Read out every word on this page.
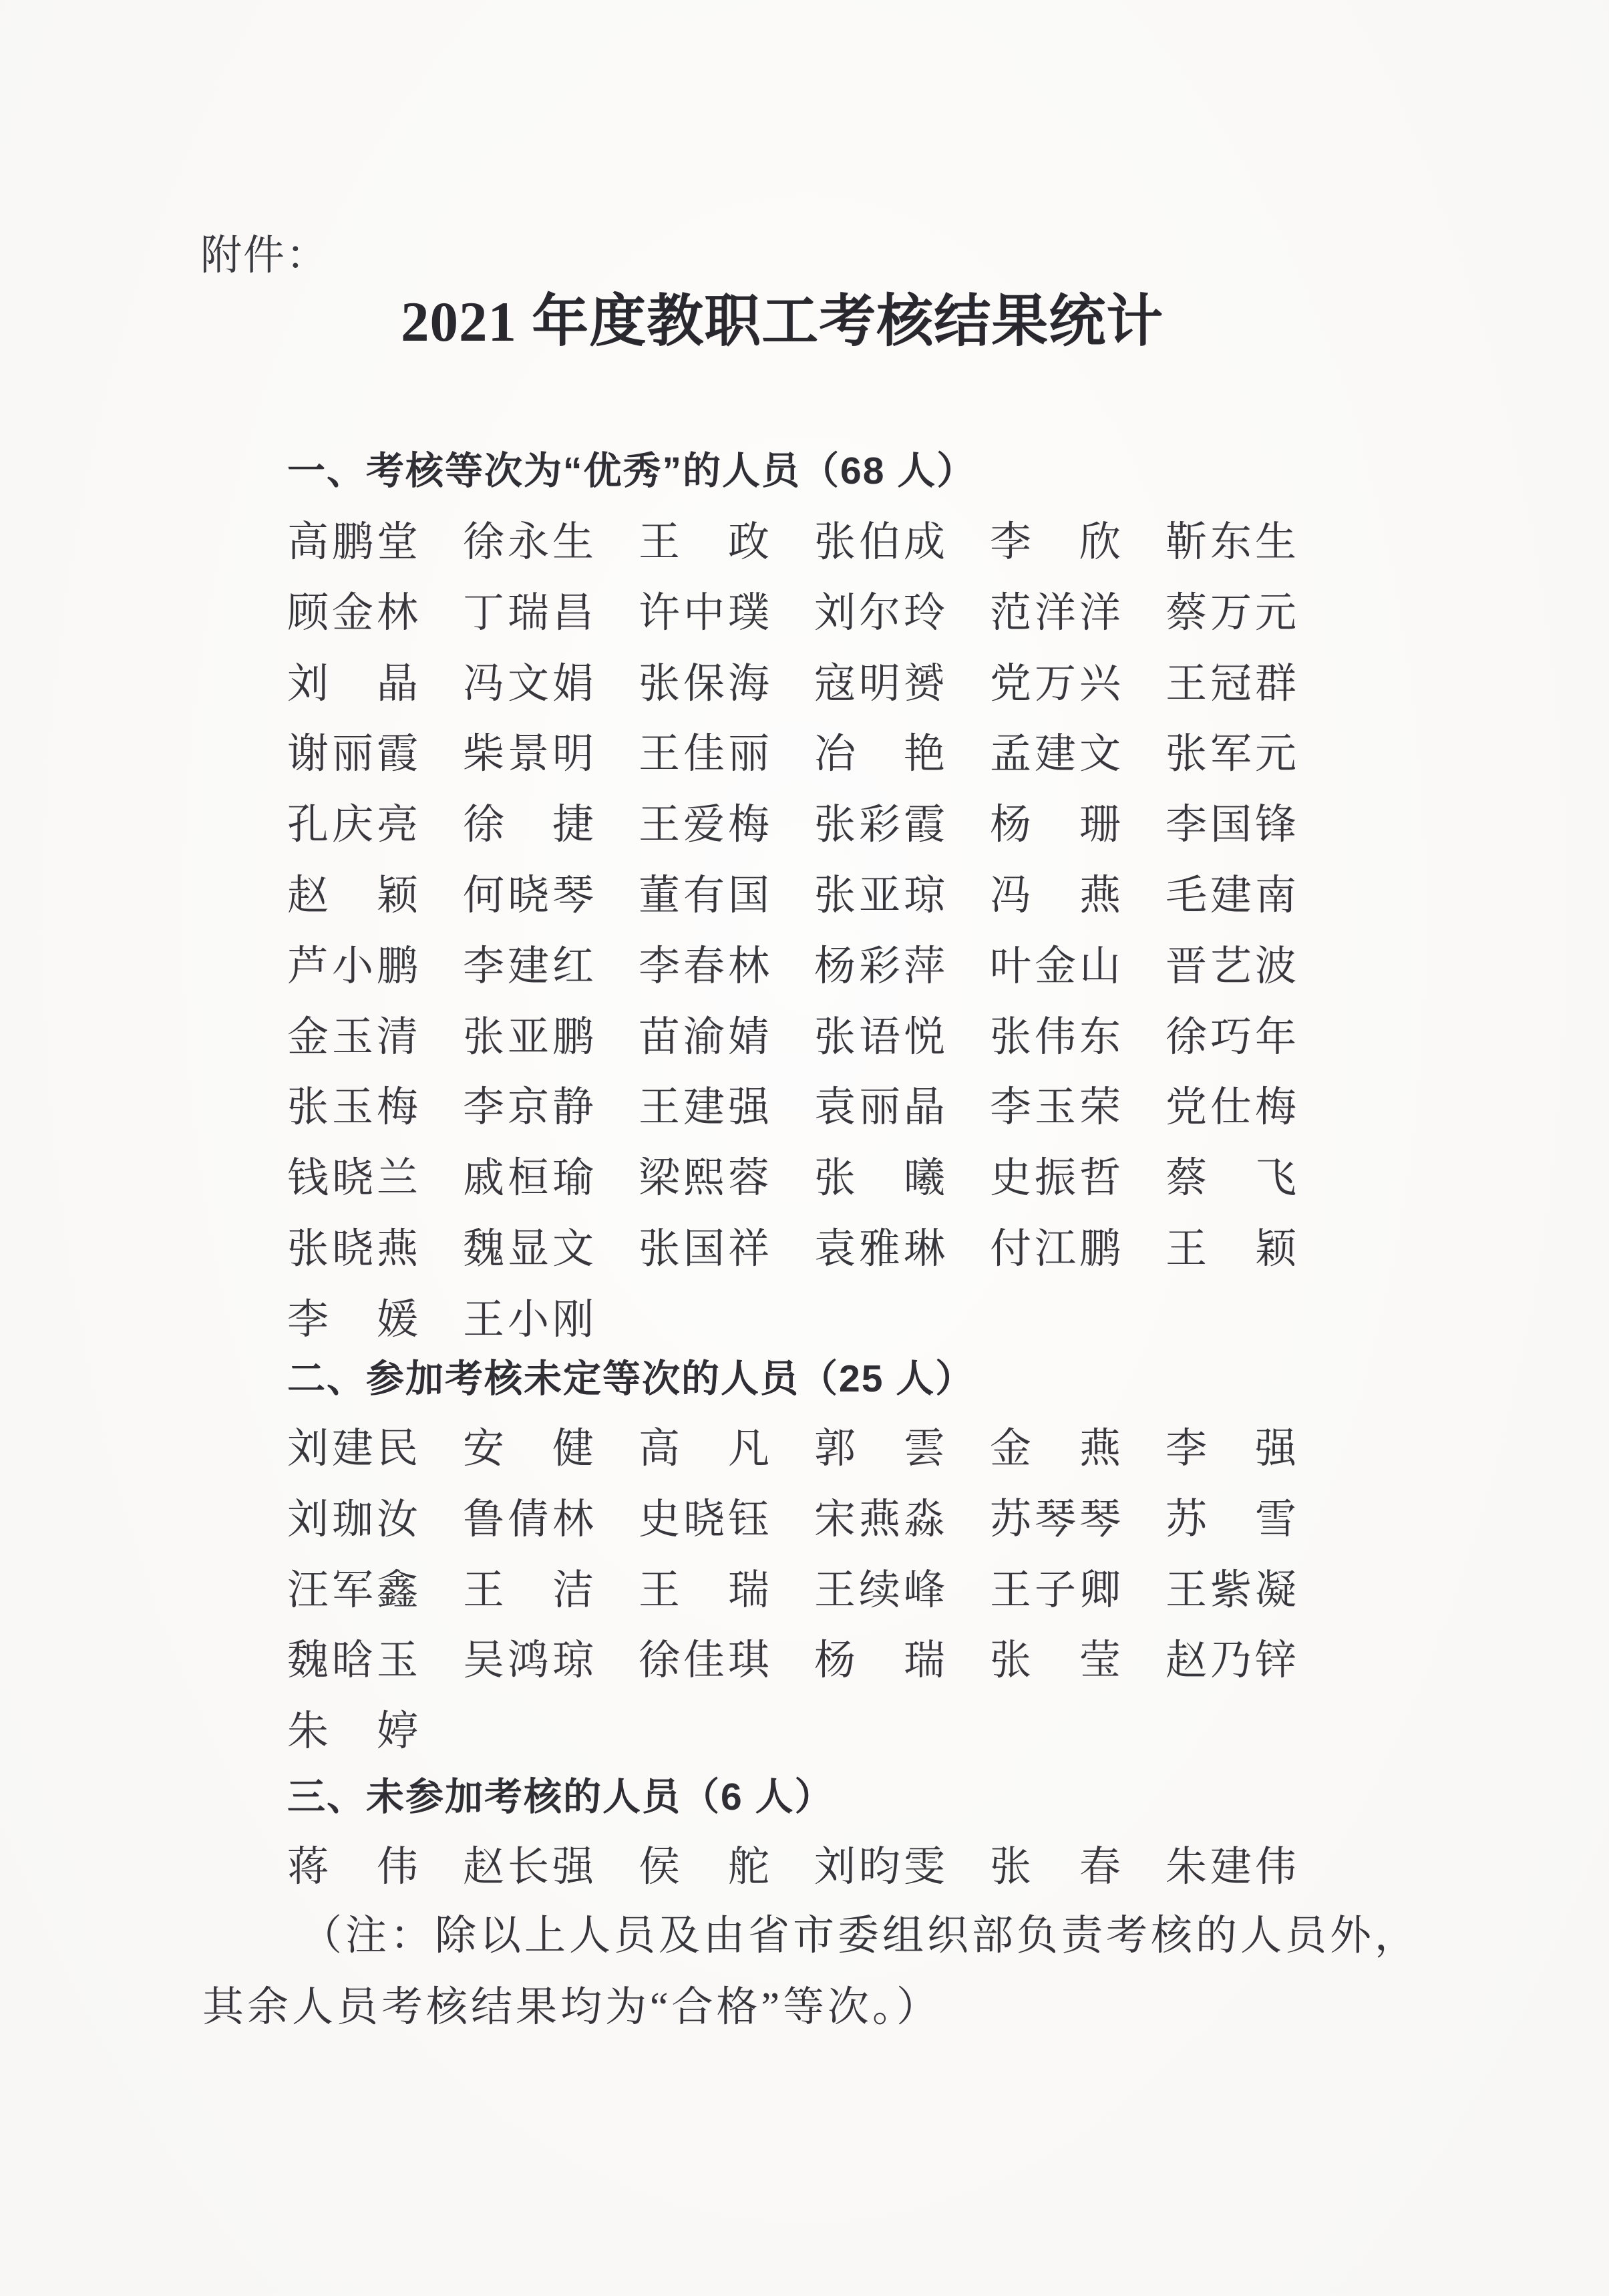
附件：
2021 年度教职工考核结果统计
一、考核等次为“优秀”的人员（68 人）
高 鹏 堂 徐 永 生 王 政 张 伯 成 李 欣 靳 东 生
顾 金 林 丁 瑞 昌 许 中 璞 刘 尔 玲 范 洋 洋 蔡 万 元
刘 晶 冯 文 娟 张 保 海 寇 明 赟 党 万 兴 王 冠 群
谢 丽 霞 柴 景 明 王 佳 丽 冶 艳 孟 建 文 张 军 元
孔 庆 亮 徐 捷 王 爱 梅 张 彩 霞 杨 珊 李 国 锋
赵 颖 何 晓 琴 董 有 国 张 亚 琼 冯 燕 毛 建 南
芦 小 鹏 李 建 红 李 春 林 杨 彩 萍 叶 金 山 晋 艺 波
金 玉 清 张 亚 鹏 苗 渝 婧 张 语 悦 张 伟 东 徐 巧 年
张 玉 梅 李 京 静 王 建 强 袁 丽 晶 李 玉 荣 党 仕 梅
钱 晓 兰 戚 桓 瑜 梁 熙 蓉 张 曦 史 振 哲 蔡 飞
张 晓 燕 魏 显 文 张 国 祥 袁 雅 琳 付 江 鹏 王 颖
李 媛 王 小 刚
二、参加考核未定等次的人员（25 人）
刘 建 民 安 健 高 凡 郭 雲 金 燕 李 强
刘 珈 汝 鲁 倩 林 史 晓 钰 宋 燕 淼 苏 琴 琴 苏 雪
汪 军 鑫 王 洁 王 瑞 王 续 峰 王 子 卿 王 紫 凝
魏 晗 玉 吴 鸿 琼 徐 佳 琪 杨 瑞 张 莹 赵 乃 锌
朱 婷
三、未参加考核的人员（6 人）
蒋 伟 赵 长 强 侯 舵 刘 昀 雯 张 春 朱 建 伟
（注：除以上人员及由省市委组织部负责考核的人员外，
其余人员考核结果均为“合格”等次。）
